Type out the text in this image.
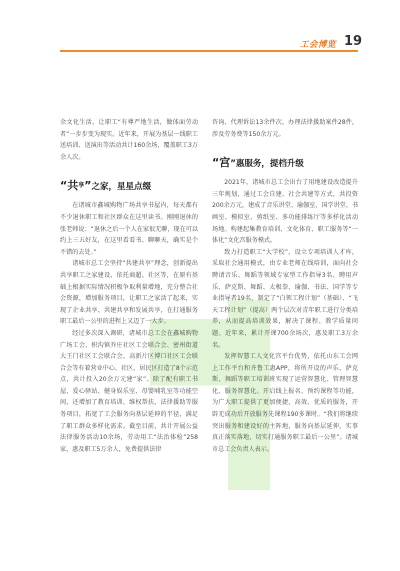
工会博览 19

余文化生活，让职工“有尊严地生活，做体面劳动者”一步步变为现实。近年来，开展为基层一线职工送培训、送演出等活动共计160余场，覆盖职工3万余人次。

“共$^享$”之家，星星点缀

在诸城市鑫城购物广场共享书屋内，每天都有不少退休职工和社区群众在这里读书。刚刚退休的张老师说：“退休之后一个人在家很无聊，现在可以约上三五好友，在这里看看书、聊聊天，确实是个不错的去处。”

诸城市总工会坚持“共建共享”理念，创新提出共享职工之家建设，依托商超、社区等，在原有基础上根据实际情况积极争取利量增地，充分整合社会资源，增加服务项目，让职工之家活了起来，实现了企业共享、共建共享和发展共享，在打通服务职工最后一公里的进程上又迈了一大步。

经过多次深入调研，诸城市总工会在鑫城购物广场工会、枳沟镇乔庄社区工会联合会、密州街道大王门社区工会联合会、高新片区博口社区工会联合会等有着营业中心、社区、居民区打造了8个示范点，共计投入20余万元建“家”。除了配有职工书屋、爱心驿站、健身娱乐室、母婴哺乳室等功能空间，还增加了教育培训、维权帮扶、法律援助等服务项目，拓宽了工会服务向基层延伸的半径，满足了职工群众多样化需求。截至目前，共计开展公益法律服务活动10余场，劳动用工“法治体检”258家，惠及职工5万余人，免费提供法律

咨询、代理诉讼13余件次，办理法律援助案件28件，涉及劳务费等150余万元。

“宫”惠服务，提档升级

2021年，诸城市总工会出台了用地建设改造提升三年规划，通过工会自建、社会共建等方式，共投资200余万元，建成了音乐讲堂、瑜伽室、国学讲堂、书画室、模拟室、剪纸室、多功能排练厅等多样化活动场地。构建起集教育培训、文化体育、职工服务等“一体化”文化宫服务模式。

致力打造职工“大学校”，设立专项培训人才库，采取社会通用模式，由专业老师在线培训，面向社会聘请音乐、舞蹈等领域专家型工作指导3名、聘用声乐、萨克斯、舞蹈、太极拳、瑜伽、书法、国学等专业指导者19名，制定了“白领工程计划”（基础）、“飞天工程计划”（提高）两个层次对青年职工进行分类培养，从而提高培训效果，解决了课程、教学质量问题。近年来，累计开课700余场次，惠及职工3万余名。

发挥智慧工人文化宫平台优势，依托山东工会网上工作平台和齐鲁工惠APP，将所开设的声乐、萨克斯、舞蹈等职工培训班实现了运营智慧化、管理智慧化、服务智慧化。开启线上报名、预约课程等功能，为广大职工提供了更加便捷、高效、优质的服务，开辟无成功后开放服务先课程190多课时。“我们将继续突出服务和建设好的主阵地，服务向基层延伸，实事真正落实落地，切实打通服务职工最后一公里”。诸城市总工会负责人表示。
